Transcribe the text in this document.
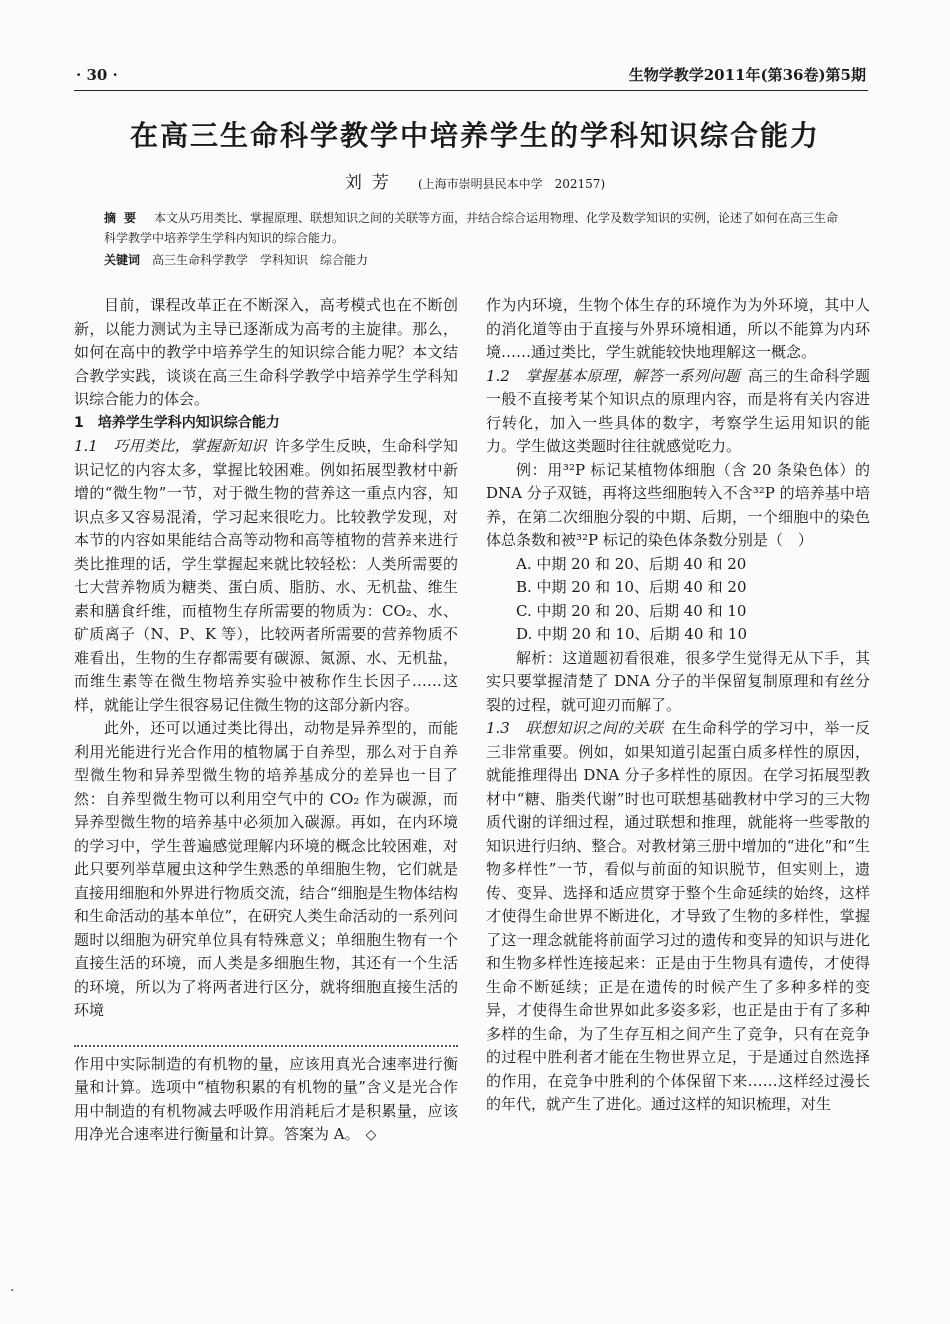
· 30 ·	生物学教学2011年(第36卷)第5期
在高三生命科学教学中培养学生的学科知识综合能力
刘芳 (上海市崇明县民本中学　202157)
摘要 本文从巧用类比、掌握原理、联想知识之间的关联等方面，并结合综合运用物理、化学及数学知识的实例，论述了如何在高三生命科学教学中培养学生学科内知识的综合能力。
关键词 高三生命科学教学　学科知识　综合能力

目前，课程改革正在不断深入，高考模式也在不断创新，以能力测试为主导已逐渐成为高考的主旋律。那么，如何在高中的教学中培养学生的知识综合能力呢？本文结合教学实践，谈谈在高三生命科学教学中培养学生学科知识综合能力的体会。

1　培养学生学科内知识综合能力

1.1　巧用类比，掌握新知识 许多学生反映，生命科学知识记忆的内容太多，掌握比较困难。例如拓展型教材中新增的“微生物”一节，对于微生物的营养这一重点内容，知识点多又容易混淆，学习起来很吃力。比较教学发现，对本节的内容如果能结合高等动物和高等植物的营养来进行类比推理的话，学生掌握起来就比较轻松：人类所需要的七大营养物质为糖类、蛋白质、脂肪、水、无机盐、维生素和膳食纤维，而植物生存所需要的物质为：CO₂、水、矿质离子（N、P、K 等），比较两者所需要的营养物质不难看出，生物的生存都需要有碳源、氮源、水、无机盐，而维生素等在微生物培养实验中被称作生长因子……这样，就能让学生很容易记住微生物的这部分新内容。

此外，还可以通过类比得出，动物是异养型的，而能利用光能进行光合作用的植物属于自养型，那么对于自养型微生物和异养型微生物的培养基成分的差异也一目了然：自养型微生物可以利用空气中的 CO₂ 作为碳源，而异养型微生物的培养基中必须加入碳源。再如，在内环境的学习中，学生普遍感觉理解内环境的概念比较困难，对此只要列举草履虫这种学生熟悉的单细胞生物，它们就是直接用细胞和外界进行物质交流，结合“细胞是生物体结构和生命活动的基本单位”，在研究人类生命活动的一系列问题时以细胞为研究单位具有特殊意义；单细胞生物有一个直接生活的环境，而人类是多细胞生物，其还有一个生活的环境，所以为了将两者进行区分，就将细胞直接生活的环境

作用中实际制造的有机物的量，应该用真光合速率进行衡量和计算。选项中“植物积累的有机物的量”含义是光合作用中制造的有机物减去呼吸作用消耗后才是积累量，应该用净光合速率进行衡量和计算。答案为 A。 ◇

作为内环境，生物个体生存的环境作为为外环境，其中人的消化道等由于直接与外界环境相通，所以不能算为内环境……通过类比，学生就能较快地理解这一概念。

1.2　掌握基本原理，解答一系列问题 高三的生命科学题一般不直接考某个知识点的原理内容，而是将有关内容进行转化，加入一些具体的数字，考察学生运用知识的能力。学生做这类题时往往就感觉吃力。

例：用³²P 标记某植物体细胞（含 20 条染色体）的 DNA 分子双链，再将这些细胞转入不含³²P 的培养基中培养，在第二次细胞分裂的中期、后期，一个细胞中的染色体总条数和被³²P 标记的染色体条数分别是（　）

A. 中期 20 和 20、后期 40 和 20

B. 中期 20 和 10、后期 40 和 20

C. 中期 20 和 20、后期 40 和 10

D. 中期 20 和 10、后期 40 和 10

解析：这道题初看很难，很多学生觉得无从下手，其实只要掌握清楚了 DNA 分子的半保留复制原理和有丝分裂的过程，就可迎刃而解了。

1.3　联想知识之间的关联 在生命科学的学习中，举一反三非常重要。例如，如果知道引起蛋白质多样性的原因，就能推理得出 DNA 分子多样性的原因。在学习拓展型教材中“糖、脂类代谢”时也可联想基础教材中学习的三大物质代谢的详细过程，通过联想和推理，就能将一些零散的知识进行归纳、整合。对教材第三册中增加的“进化”和“生物多样性”一节，看似与前面的知识脱节，但实则上，遗传、变异、选择和适应贯穿于整个生命延续的始终，这样才使得生命世界不断进化，才导致了生物的多样性，掌握了这一理念就能将前面学习过的遗传和变异的知识与进化和生物多样性连接起来：正是由于生物具有遗传，才使得生命不断延续；正是在遗传的时候产生了多种多样的变异，才使得生命世界如此多姿多彩，也正是由于有了多种多样的生命，为了生存互相之间产生了竞争，只有在竞争的过程中胜利者才能在生物世界立足，于是通过自然选择的作用，在竞争中胜利的个体保留下来……这样经过漫长的年代，就产生了进化。通过这样的知识梳理，对生

·
